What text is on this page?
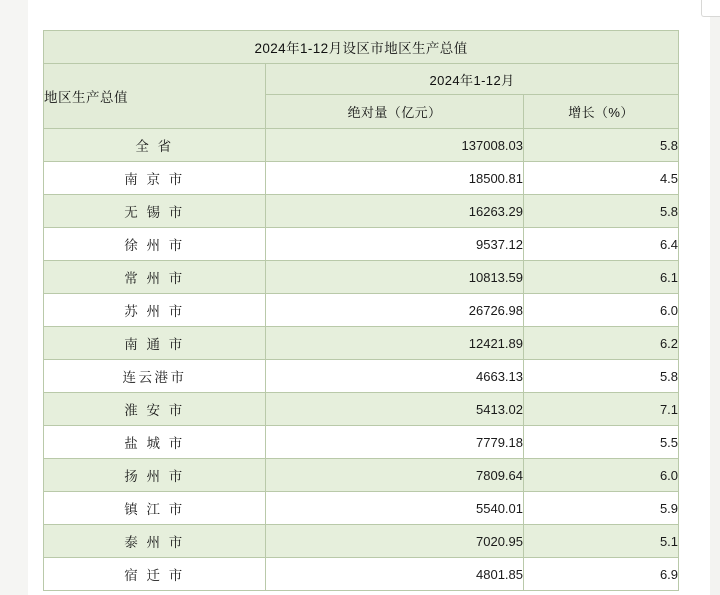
2024年1-12月设区市地区生产总值		
地区生产总值	2024年1-12月	
	绝对量（亿元）	增长（%）
全 省	137008.03	5.8
南 京 市	18500.81	4.5
无 锡 市	16263.29	5.8
徐 州 市	9537.12	6.4
常 州 市	10813.59	6.1
苏 州 市	26726.98	6.0
南 通 市	12421.89	6.2
连云港市	4663.13	5.8
淮 安 市	5413.02	7.1
盐 城 市	7779.18	5.5
扬 州 市	7809.64	6.0
镇 江 市	5540.01	5.9
泰 州 市	7020.95	5.1
宿 迁 市	4801.85	6.9
